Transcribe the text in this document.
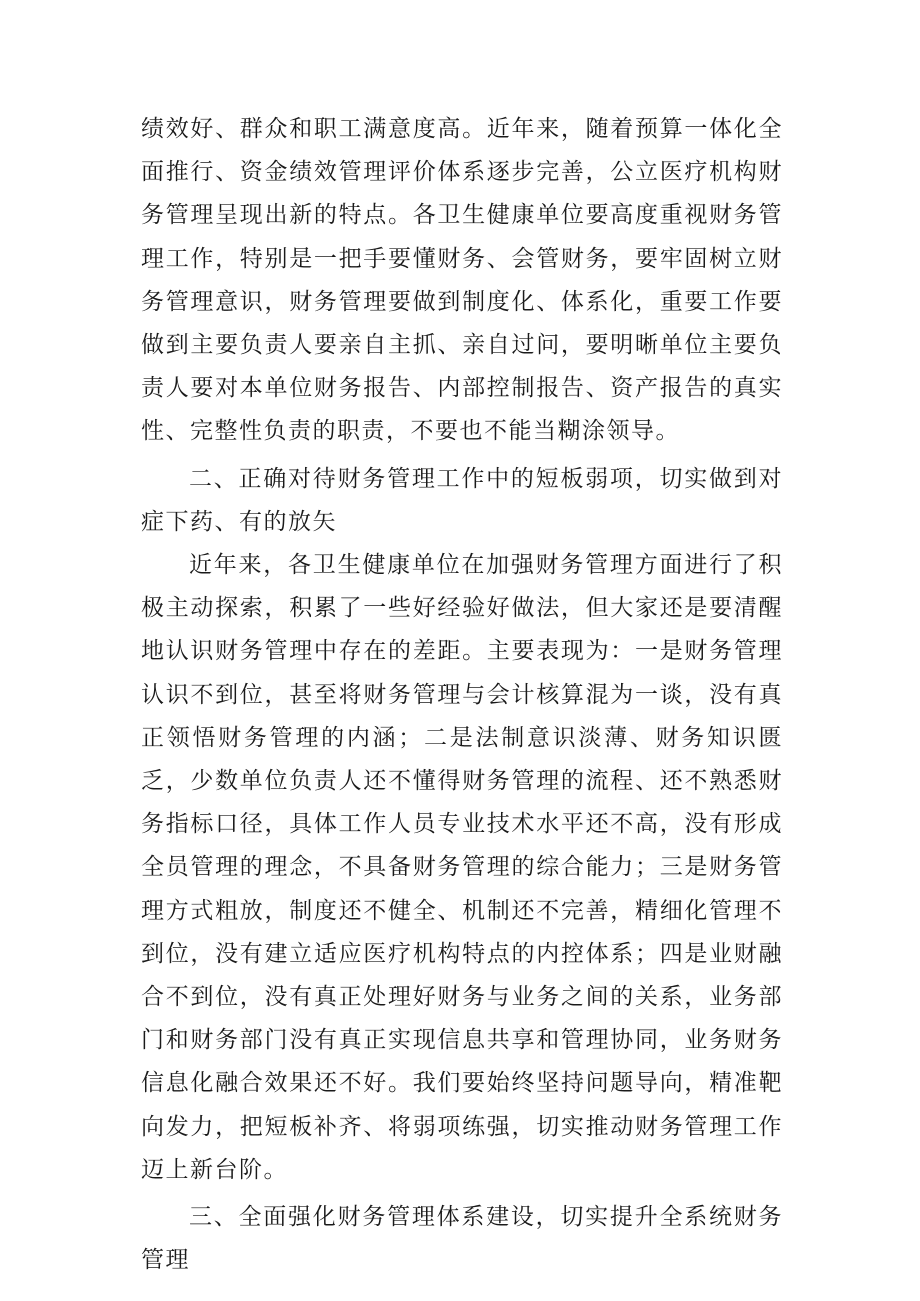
绩效好、群众和职工满意度高。近年来，随着预算一体化全面推行、资金绩效管理评价体系逐步完善，公立医疗机构财务管理呈现出新的特点。各卫生健康单位要高度重视财务管理工作，特别是一把手要懂财务、会管财务，要牢固树立财务管理意识，财务管理要做到制度化、体系化，重要工作要做到主要负责人要亲自主抓、亲自过问，要明晰单位主要负责人要对本单位财务报告、内部控制报告、资产报告的真实性、完整性负责的职责，不要也不能当糊涂领导。

二、正确对待财务管理工作中的短板弱项，切实做到对症下药、有的放矢

近年来，各卫生健康单位在加强财务管理方面进行了积极主动探索，积累了一些好经验好做法，但大家还是要清醒地认识财务管理中存在的差距。主要表现为：一是财务管理认识不到位，甚至将财务管理与会计核算混为一谈，没有真正领悟财务管理的内涵；二是法制意识淡薄、财务知识匮乏，少数单位负责人还不懂得财务管理的流程、还不熟悉财务指标口径，具体工作人员专业技术水平还不高，没有形成全员管理的理念，不具备财务管理的综合能力；三是财务管理方式粗放，制度还不健全、机制还不完善，精细化管理不到位，没有建立适应医疗机构特点的内控体系；四是业财融合不到位，没有真正处理好财务与业务之间的关系，业务部门和财务部门没有真正实现信息共享和管理协同，业务财务信息化融合效果还不好。我们要始终坚持问题导向，精准靶向发力，把短板补齐、将弱项练强，切实推动财务管理工作迈上新台阶。

三、全面强化财务管理体系建设，切实提升全系统财务管理
